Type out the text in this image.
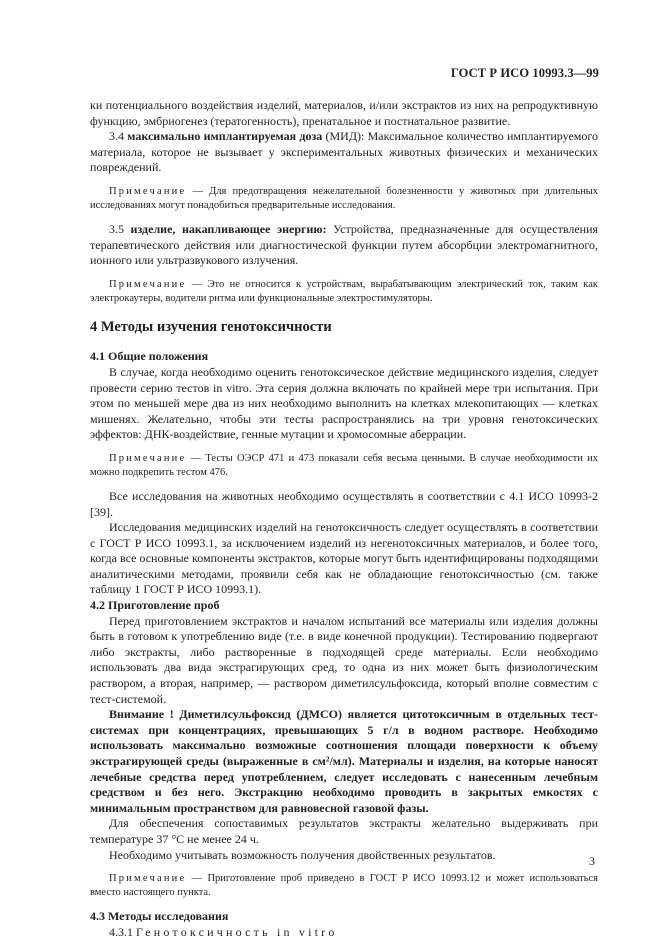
ГОСТ Р ИСО 10993.3—99

ки потенциального воздействия изделий, материалов, и/или экстрактов из них на репродуктивную функцию, эмбриогенез (тератогенность), пренатальное и постнатальное развитие.

3.4 максимально имплантируемая доза (МИД): Максимальное количество имплантируемого материала, которое не вызывает у экспериментальных животных физических и механических повреждений.

Примечание — Для предотвращения нежелательной болезненности у животных при длительных исследованиях могут понадобиться предварительные исследования.

3.5 изделие, накапливающее энергию: Устройства, предназначенные для осуществления терапевтического действия или диагностической функции путем абсорбции электромагнитного, ионного или ультразвукового излучения.

Примечание — Это не относится к устройствам, вырабатывающим электрический ток, таким как электрокаутеры, водители ритма или функциональные электростимуляторы.

4 Методы изучения генотоксичности

4.1 Общие положения

В случае, когда необходимо оценить генотоксическое действие медицинского изделия, следует провести серию тестов in vitro. Эта серия должна включать по крайней мере три испытания. При этом по меньшей мере два из них необходимо выполнить на клетках млекопитающих — клетках мишенях. Желательно, чтобы эти тесты распространялись на три уровня генотоксических эффектов: ДНК-воздействие, генные мутации и хромосомные аберрации.

Примечание — Тесты ОЭСР 471 и 473 показали себя весьма ценными. В случае необходимости их можно подкрепить тестом 476.

Все исследования на животных необходимо осуществлять в соответствии с 4.1 ИСО 10993-2 [39].

Исследования медицинских изделий на генотоксичность следует осуществлять в соответствии с ГОСТ Р ИСО 10993.1, за исключением изделий из негенотоксичных материалов, и более того, когда все основные компоненты экстрактов, которые могут быть идентифицированы подходящими аналитическими методами, проявили себя как не обладающие генотоксичностью (см. также таблицу 1 ГОСТ Р ИСО 10993.1).

4.2 Приготовление проб

Перед приготовлением экстрактов и началом испытаний все материалы или изделия должны быть в готовом к употреблению виде (т.е. в виде конечной продукции). Тестированию подвергают либо экстракты, либо растворенные в подходящей среде материалы. Если необходимо использовать два вида экстрагирующих сред, то одна из них может быть физиологическим раствором, а вторая, например, — раствором диметилсульфоксида, который вполне совместим с тест-системой.

Внимание ! Диметилсульфоксид (ДМСО) является цитотоксичным в отдельных тест-системах при концентрациях, превышающих 5 г/л в водном растворе. Необходимо использовать максимально возможные соотношения площади поверхности к объему экстрагирующей среды (выраженные в см²/мл). Материалы и изделия, на которые наносят лечебные средства перед употреблением, следует исследовать с нанесенным лечебным средством и без него. Экстракцию необходимо проводить в закрытых емкостях с минимальным пространством для равновесной газовой фазы.

Для обеспечения сопоставимых результатов экстракты желательно выдерживать при температуре 37 °С не менее 24 ч.

Необходимо учитывать возможность получения двойственных результатов.

Примечание — Приготовление проб приведено в ГОСТ Р ИСО 10993.12 и может использоваться вместо настоящего пункта.

4.3 Методы исследования

4.3.1 Генотоксичность in vitro

3
